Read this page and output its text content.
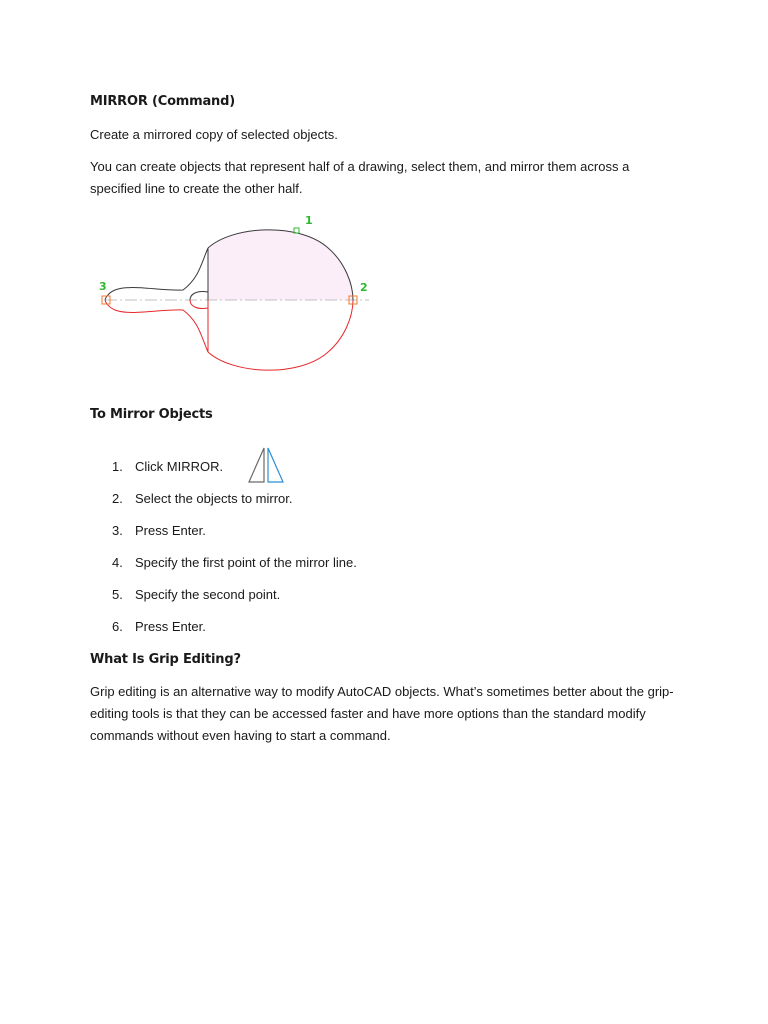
MIRROR (Command)
Create a mirrored copy of selected objects.
You can create objects that represent half of a drawing, select them, and mirror them across a specified line to create the other half.
1
2
3
To Mirror Objects
1. Click MIRROR.
2. Select the objects to mirror.
3. Press Enter.
4. Specify the first point of the mirror line.
5. Specify the second point.
6. Press Enter.
What Is Grip Editing?
Grip editing is an alternative way to modify AutoCAD objects. What’s sometimes better about the grip-editing tools is that they can be accessed faster and have more options than the standard modify commands without even having to start a command.
